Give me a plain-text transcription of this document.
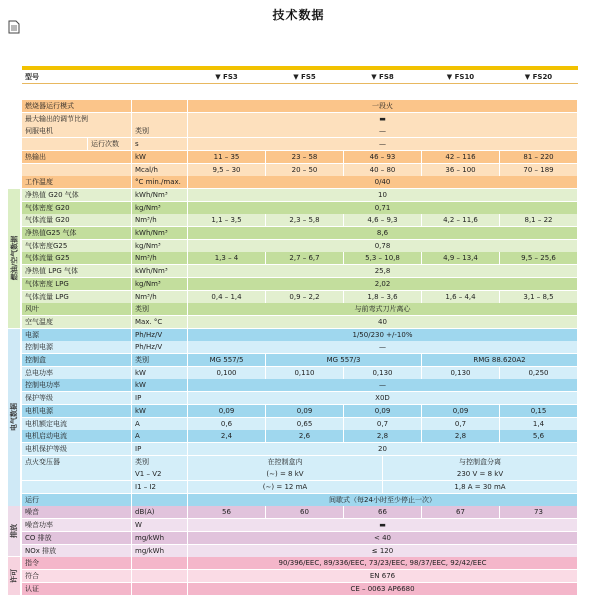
技术数据
燃油/空气数据
电气数据
排放
许可
型号	▼ FS3	▼ FS5	▼ FS8	▼ FS10	▼ FS20
燃烧器运行模式	一段火
最大输出的调节比例	▬
伺服电机	类别	—
运行次数	s	—
热输出	kW	11 – 35	23 – 58	46 – 93	42 – 116	81 – 220
Mcal/h	9,5 – 30	20 – 50	40 – 80	36 – 100	70 – 189
工作温度	°C min./max.	0/40
净热值 G20 气体	kWh/Nm³	10
气体密度 G20	kg/Nm³	0,71
气体流量 G20	Nm³/h	1,1 – 3,5	2,3 – 5,8	4,6 – 9,3	4,2 – 11,6	8,1 – 22
净热值G25 气体	kWh/Nm³	8,6
气体密度G25	kg/Nm³	0,78
气体流量 G25	Nm³/h	1,3 – 4	2,7 – 6,7	5,3 – 10,8	4,9 – 13,4	9,5 – 25,6
净热值 LPG 气体	kWh/Nm³	25,8
气体密度 LPG	kg/Nm³	2,02
气体流量 LPG	Nm³/h	0,4 – 1,4	0,9 – 2,2	1,8 – 3,6	1,6 – 4,4	3,1 – 8,5
风叶	类别	与前弯式刀片离心
空气温度	Max. °C	40
电源	Ph/Hz/V	1/50/230 +/-10%
控制电源	Ph/Hz/V	—
控制盒	类别	MG 557/5	MG 557/3	RMG 88.620A2
总电功率	kW	0,100	0,110	0,130	0,130	0,250
控制电功率	kW	—
保护等级	IP	X0D
电机电源	kW	0,09	0,09	0,09	0,09	0,15
电机额定电流	A	0,6	0,65	0,7	0,7	1,4
电机启动电流	A	2,4	2,6	2,8	2,8	5,6
电机保护等级	IP	20
点火变压器	类别	在控制盒内	与控制盒分离
V1 – V2	(∼) = 8 kV	230 V = 8 kV
I1 – I2	(∼) = 12 mA	1,8 A = 30 mA
运行	间歇式（每24小时至少停止一次）
噪音	dB(A)	56	60	66	67	73
噪音功率	W	▬
CO 排放	mg/kWh	< 40
NOx 排放	mg/kWh	≤ 120
指令	90/396/EEC, 89/336/EEC, 73/23/EEC, 98/37/EEC, 92/42/EEC
符合	EN 676
认证	CE – 0063 AP6680
